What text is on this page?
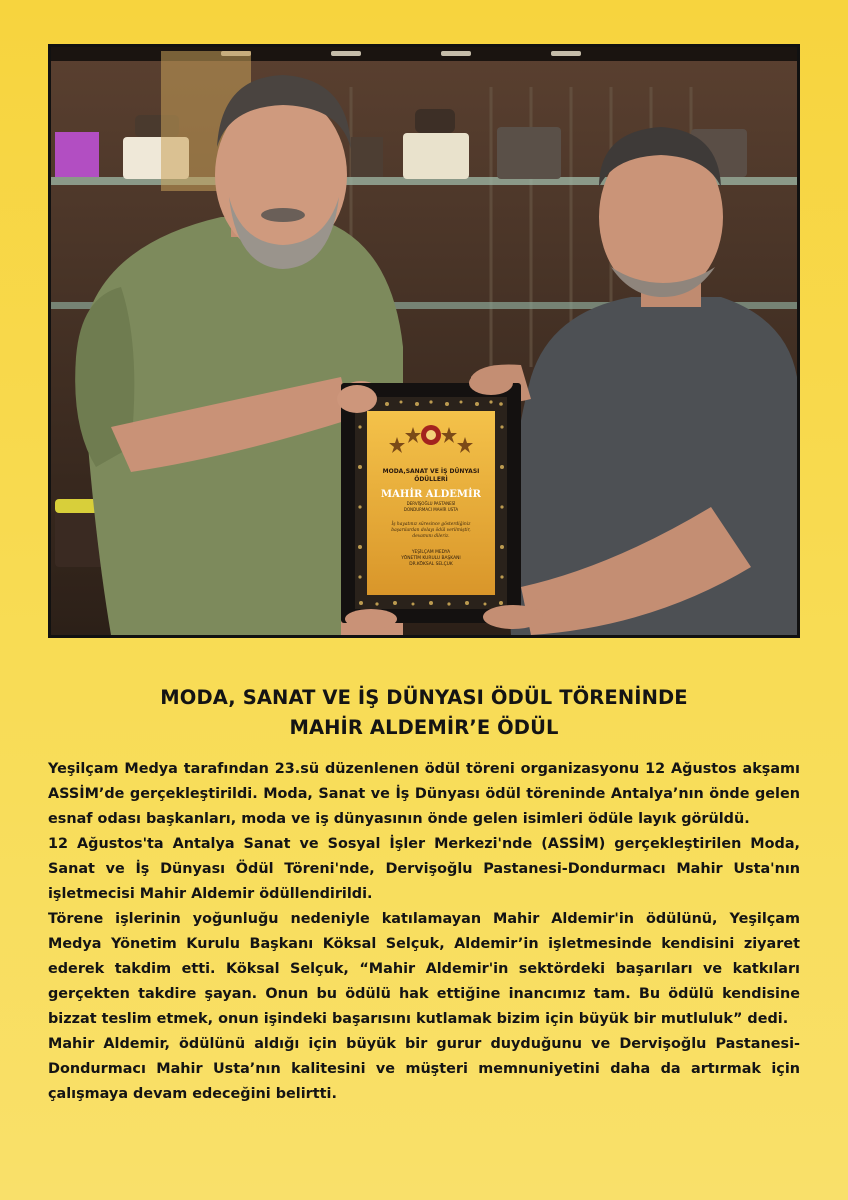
MODA,SANAT VE İŞ DÜNYASI
ÖDÜLLERİ
MAHİR ALDEMİR
DERVİŞOĞLU PASTANESİ
DONDURMACI MAHİR USTA
İş hayatınız süresince gösterdiğiniz
başarılardan dolayı ödül verilmiştir,
devamını dileriz.
YEŞİLÇAM MEDYA
YÖNETİM KURULU BAŞKANI
DR.KÖKSAL SELÇUK
MODA, SANAT VE İŞ DÜNYASI ÖDÜL TÖRENİNDE
MAHİR ALDEMİR’E ÖDÜL

Yeşilçam Medya tarafından 23.sü düzenlenen ödül töreni organizasyonu 12 Ağustos akşamı ASSİM’de gerçekleştirildi. Moda, Sanat ve İş Dünyası ödül töreninde Antalya’nın önde gelen esnaf odası başkanları, moda ve iş dünyasının önde gelen isimleri ödüle layık görüldü.

12 Ağustos'ta Antalya Sanat ve Sosyal İşler Merkezi'nde (ASSİM) gerçekleştirilen Moda, Sanat ve İş Dünyası Ödül Töreni'nde, Dervişoğlu Pastanesi-Dondurmacı Mahir Usta'nın işletmecisi Mahir Aldemir ödüllendirildi.

Törene işlerinin yoğunluğu nedeniyle katılamayan Mahir Aldemir'in ödülünü, Yeşilçam Medya Yönetim Kurulu Başkanı Köksal Selçuk, Aldemir’in işletmesinde kendisini ziyaret ederek takdim etti. Köksal Selçuk, “Mahir Aldemir'in sektördeki başarıları ve katkıları gerçekten takdire şayan. Onun bu ödülü hak ettiğine inancımız tam. Bu ödülü kendisine bizzat teslim etmek, onun işindeki başarısını kutlamak bizim için büyük bir mutluluk” dedi.

Mahir Aldemir, ödülünü aldığı için büyük bir gurur duyduğunu ve Dervişoğlu Pastanesi-Dondurmacı Mahir Usta’nın kalitesini ve müşteri memnuniyetini daha da artırmak için çalışmaya devam edeceğini belirtti.
